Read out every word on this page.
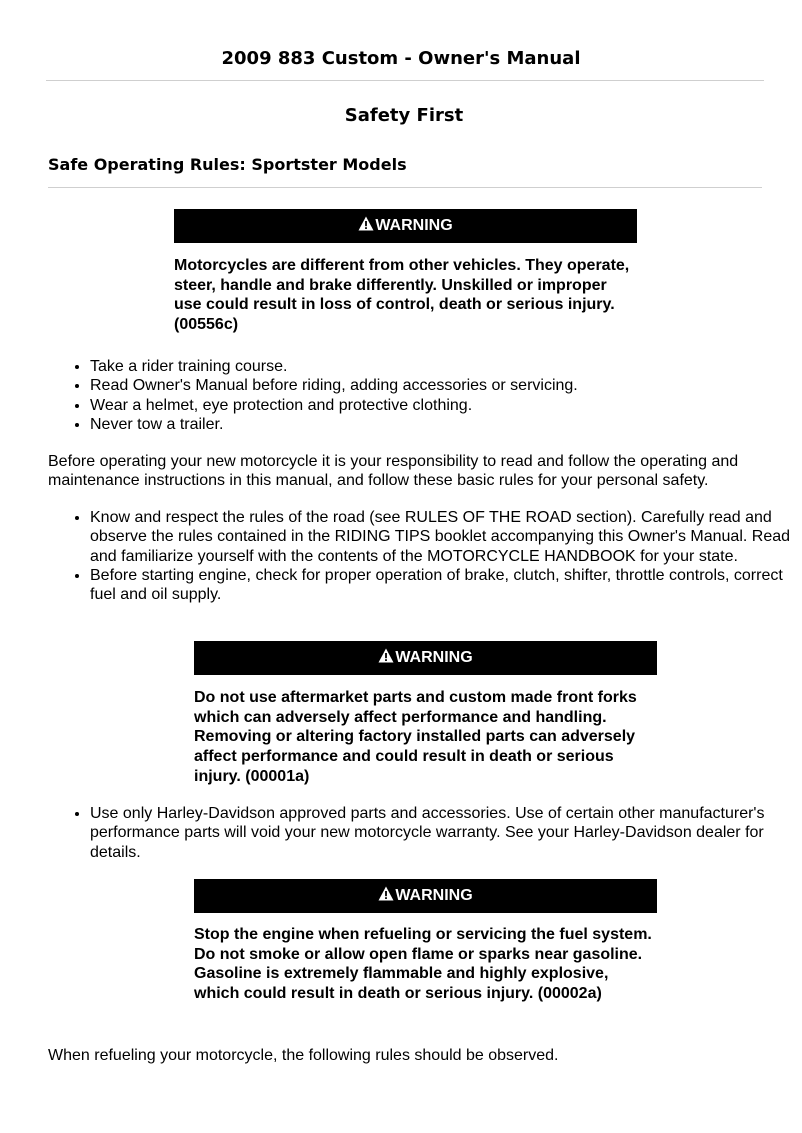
2009 883 Custom - Owner's Manual
Safety First
Safe Operating Rules: Sportster Models
WARNING

Motorcycles are different from other vehicles. They operate, steer, handle and brake differently. Unskilled or improper use could result in loss of control, death or serious injury. (00556c)

• Take a rider training course.
• Read Owner's Manual before riding, adding accessories or servicing.
• Wear a helmet, eye protection and protective clothing.
• Never tow a trailer.

Before operating your new motorcycle it is your responsibility to read and follow the operating and maintenance instructions in this manual, and follow these basic rules for your personal safety.

• Know and respect the rules of the road (see RULES OF THE ROAD section). Carefully read and observe the rules contained in the RIDING TIPS booklet accompanying this Owner's Manual. Read and familiarize yourself with the contents of the MOTORCYCLE HANDBOOK for your state.
• Before starting engine, check for proper operation of brake, clutch, shifter, throttle controls, correct fuel and oil supply.
WARNING

Do not use aftermarket parts and custom made front forks which can adversely affect performance and handling. Removing or altering factory installed parts can adversely affect performance and could result in death or serious injury. (00001a)

• Use only Harley-Davidson approved parts and accessories. Use of certain other manufacturer's performance parts will void your new motorcycle warranty. See your Harley-Davidson dealer for details.
WARNING

Stop the engine when refueling or servicing the fuel system. Do not smoke or allow open flame or sparks near gasoline. Gasoline is extremely flammable and highly explosive, which could result in death or serious injury. (00002a)

When refueling your motorcycle, the following rules should be observed.
